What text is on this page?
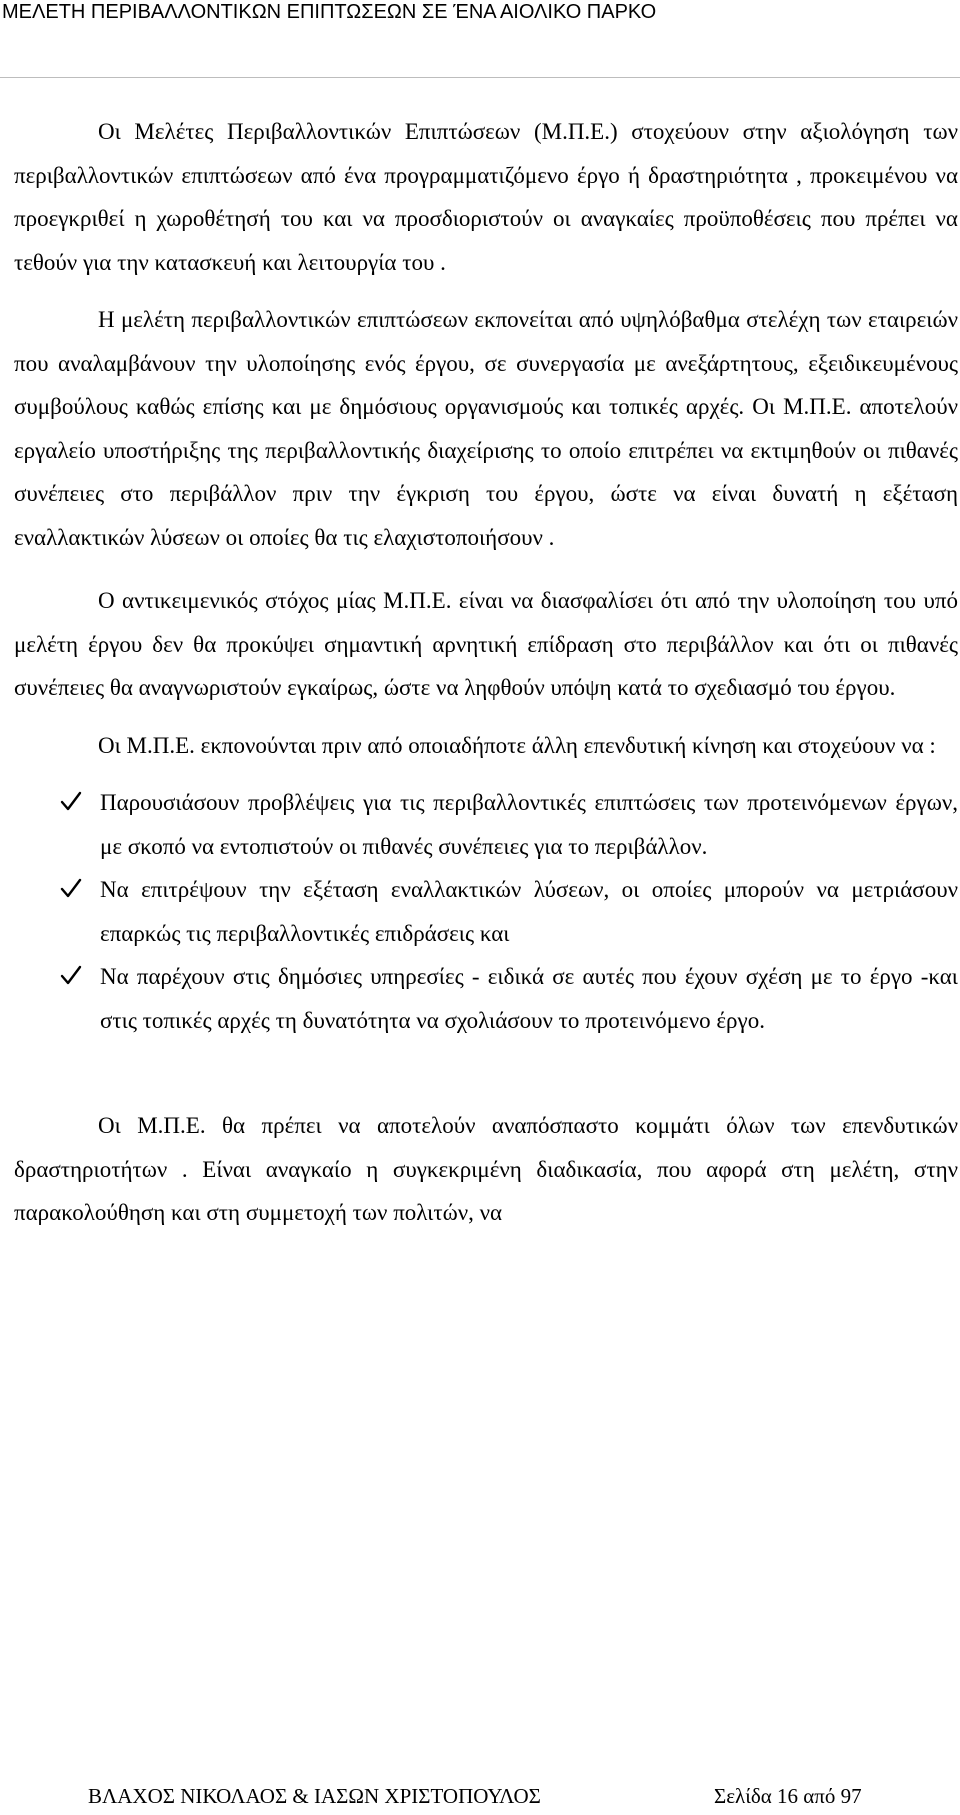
ΜΕΛΕΤΗ ΠΕΡΙΒΑΛΛΟΝΤΙΚΩΝ ΕΠΙΠΤΩΣΕΩΝ ΣΕ ΈΝΑ ΑΙΟΛΙΚΟ ΠΑΡΚΟ

Οι Μελέτες Περιβαλλοντικών Επιπτώσεων (Μ.Π.Ε.) στοχεύουν στην αξιολόγηση των περιβαλλοντικών επιπτώσεων από ένα προγραμματιζόμενο έργο ή δραστηριότητα , προκειμένου να προεγκριθεί η χωροθέτησή του και να προσδιοριστούν οι αναγκαίες προϋποθέσεις που πρέπει να τεθούν για την κατασκευή και λειτουργία του .

Η μελέτη περιβαλλοντικών επιπτώσεων εκπονείται από υψηλόβαθμα στελέχη των εταιρειών που αναλαμβάνουν την υλοποίησης ενός έργου, σε συνεργασία με ανεξάρτητους, εξειδικευμένους συμβούλους καθώς επίσης και με δημόσιους οργανισμούς και τοπικές αρχές. Οι Μ.Π.Ε. αποτελούν εργαλείο υποστήριξης της περιβαλλοντικής διαχείρισης το οποίο επιτρέπει να εκτιμηθούν οι πιθανές συνέπειες στο περιβάλλον πριν την έγκριση του έργου, ώστε να είναι δυνατή η εξέταση εναλλακτικών λύσεων οι οποίες θα τις ελαχιστοποιήσουν .

Ο αντικειμενικός στόχος μίας Μ.Π.Ε. είναι να διασφαλίσει ότι από την υλοποίηση του υπό μελέτη έργου δεν θα προκύψει σημαντική αρνητική επίδραση στο περιβάλλον και ότι οι πιθανές συνέπειες θα αναγνωριστούν εγκαίρως, ώστε να ληφθούν υπόψη κατά το σχεδιασμό του έργου.

Οι Μ.Π.Ε. εκπονούνται πριν από οποιαδήποτε άλλη επενδυτική κίνηση και στοχεύουν να :

Παρουσιάσουν προβλέψεις για τις περιβαλλοντικές επιπτώσεις των προτεινόμενων έργων, με σκοπό να εντοπιστούν οι πιθανές συνέπειες για το περιβάλλον.
Να επιτρέψουν την εξέταση εναλλακτικών λύσεων, οι οποίες μπορούν να μετριάσουν επαρκώς τις περιβαλλοντικές επιδράσεις και
Να παρέχουν στις δημόσιες υπηρεσίες - ειδικά σε αυτές που έχουν σχέση με το έργο -και στις τοπικές αρχές τη δυνατότητα να σχολιάσουν το προτεινόμενο έργο.

Οι Μ.Π.Ε. θα πρέπει να αποτελούν αναπόσπαστο κομμάτι όλων των επενδυτικών δραστηριοτήτων . Είναι αναγκαίο η συγκεκριμένη διαδικασία, που αφορά στη μελέτη, στην παρακολούθηση και στη συμμετοχή των πολιτών, να

ΒΛΑΧΟΣ ΝΙΚΟΛΑΟΣ & ΙΑΣΩΝ ΧΡΙΣΤΟΠΟΥΛΟΣ	Σελίδα 16 από 97
